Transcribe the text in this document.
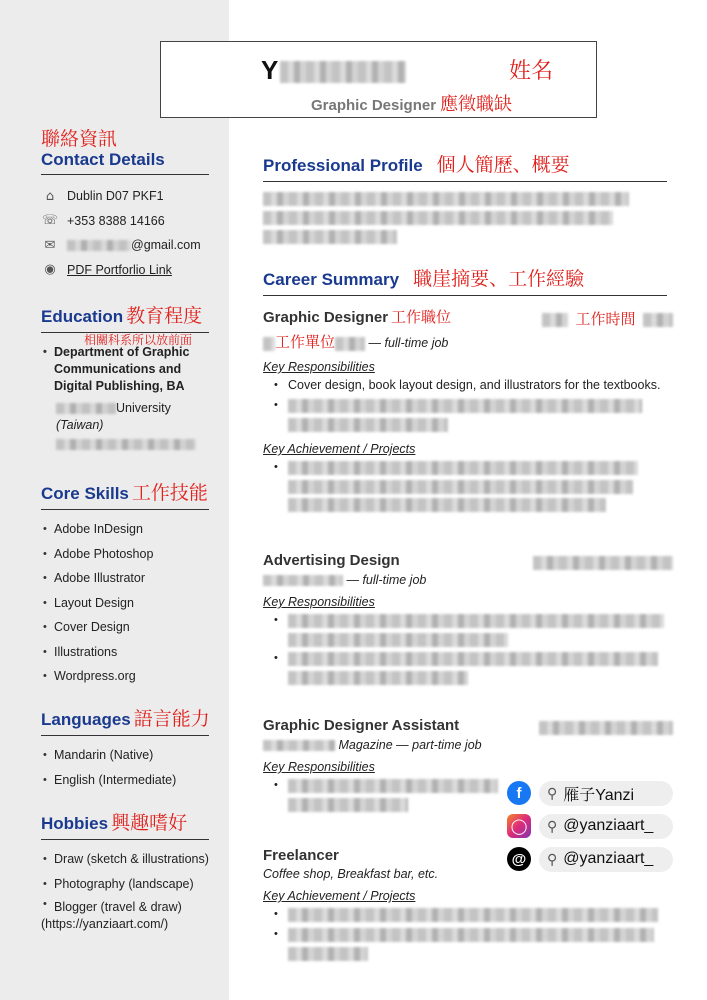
聯絡資訊
Contact Details
⌂	Dublin D07 PKF1
☏ +353 8388 14166
✉	@gmail.com
◉ PDF Portforlio Link
Education 教育程度
相關科系所以放前面
• Department of Graphic Communications and Digital Publishing, BA
University
(Taiwan)

Core Skills 工作技能
• Adobe InDesign
• Adobe Photoshop
• Adobe Illustrator
• Layout Design
• Cover Design
• Illustrations
• Wordpress.org
Languages 語言能力
• Mandarin (Native)
• English (Intermediate)
Hobbies 興趣嗜好
• Draw (sketch & illustrations)
• Photography (landscape)
• Blogger (travel & draw)
(https://yanziaart.com/)
Professional Profile 個人簡歷、概要
Career Summary 職崖摘要、工作經驗
Graphic Designer 工作職位	工作時間
工作單位	— full-time job
Key Responsibilities
• Cover design, book layout design, and illustrators for the textbooks.
•

Key Achievement / Projects
•

Advertising Design
— full-time job
Key Responsibilities
•

•

Graphic Designer Assistant
Magazine — part-time job
Key Responsibilities
•

Freelancer
Coffee shop, Breakfast bar, etc.
Key Achievement / Projects
•
•

Y	姓名
Graphic Designer 應徵職缺
f	⚲ 雁子Yanzi
◯ ⚲ @yanziaart_
@	⚲ @yanziaart_
